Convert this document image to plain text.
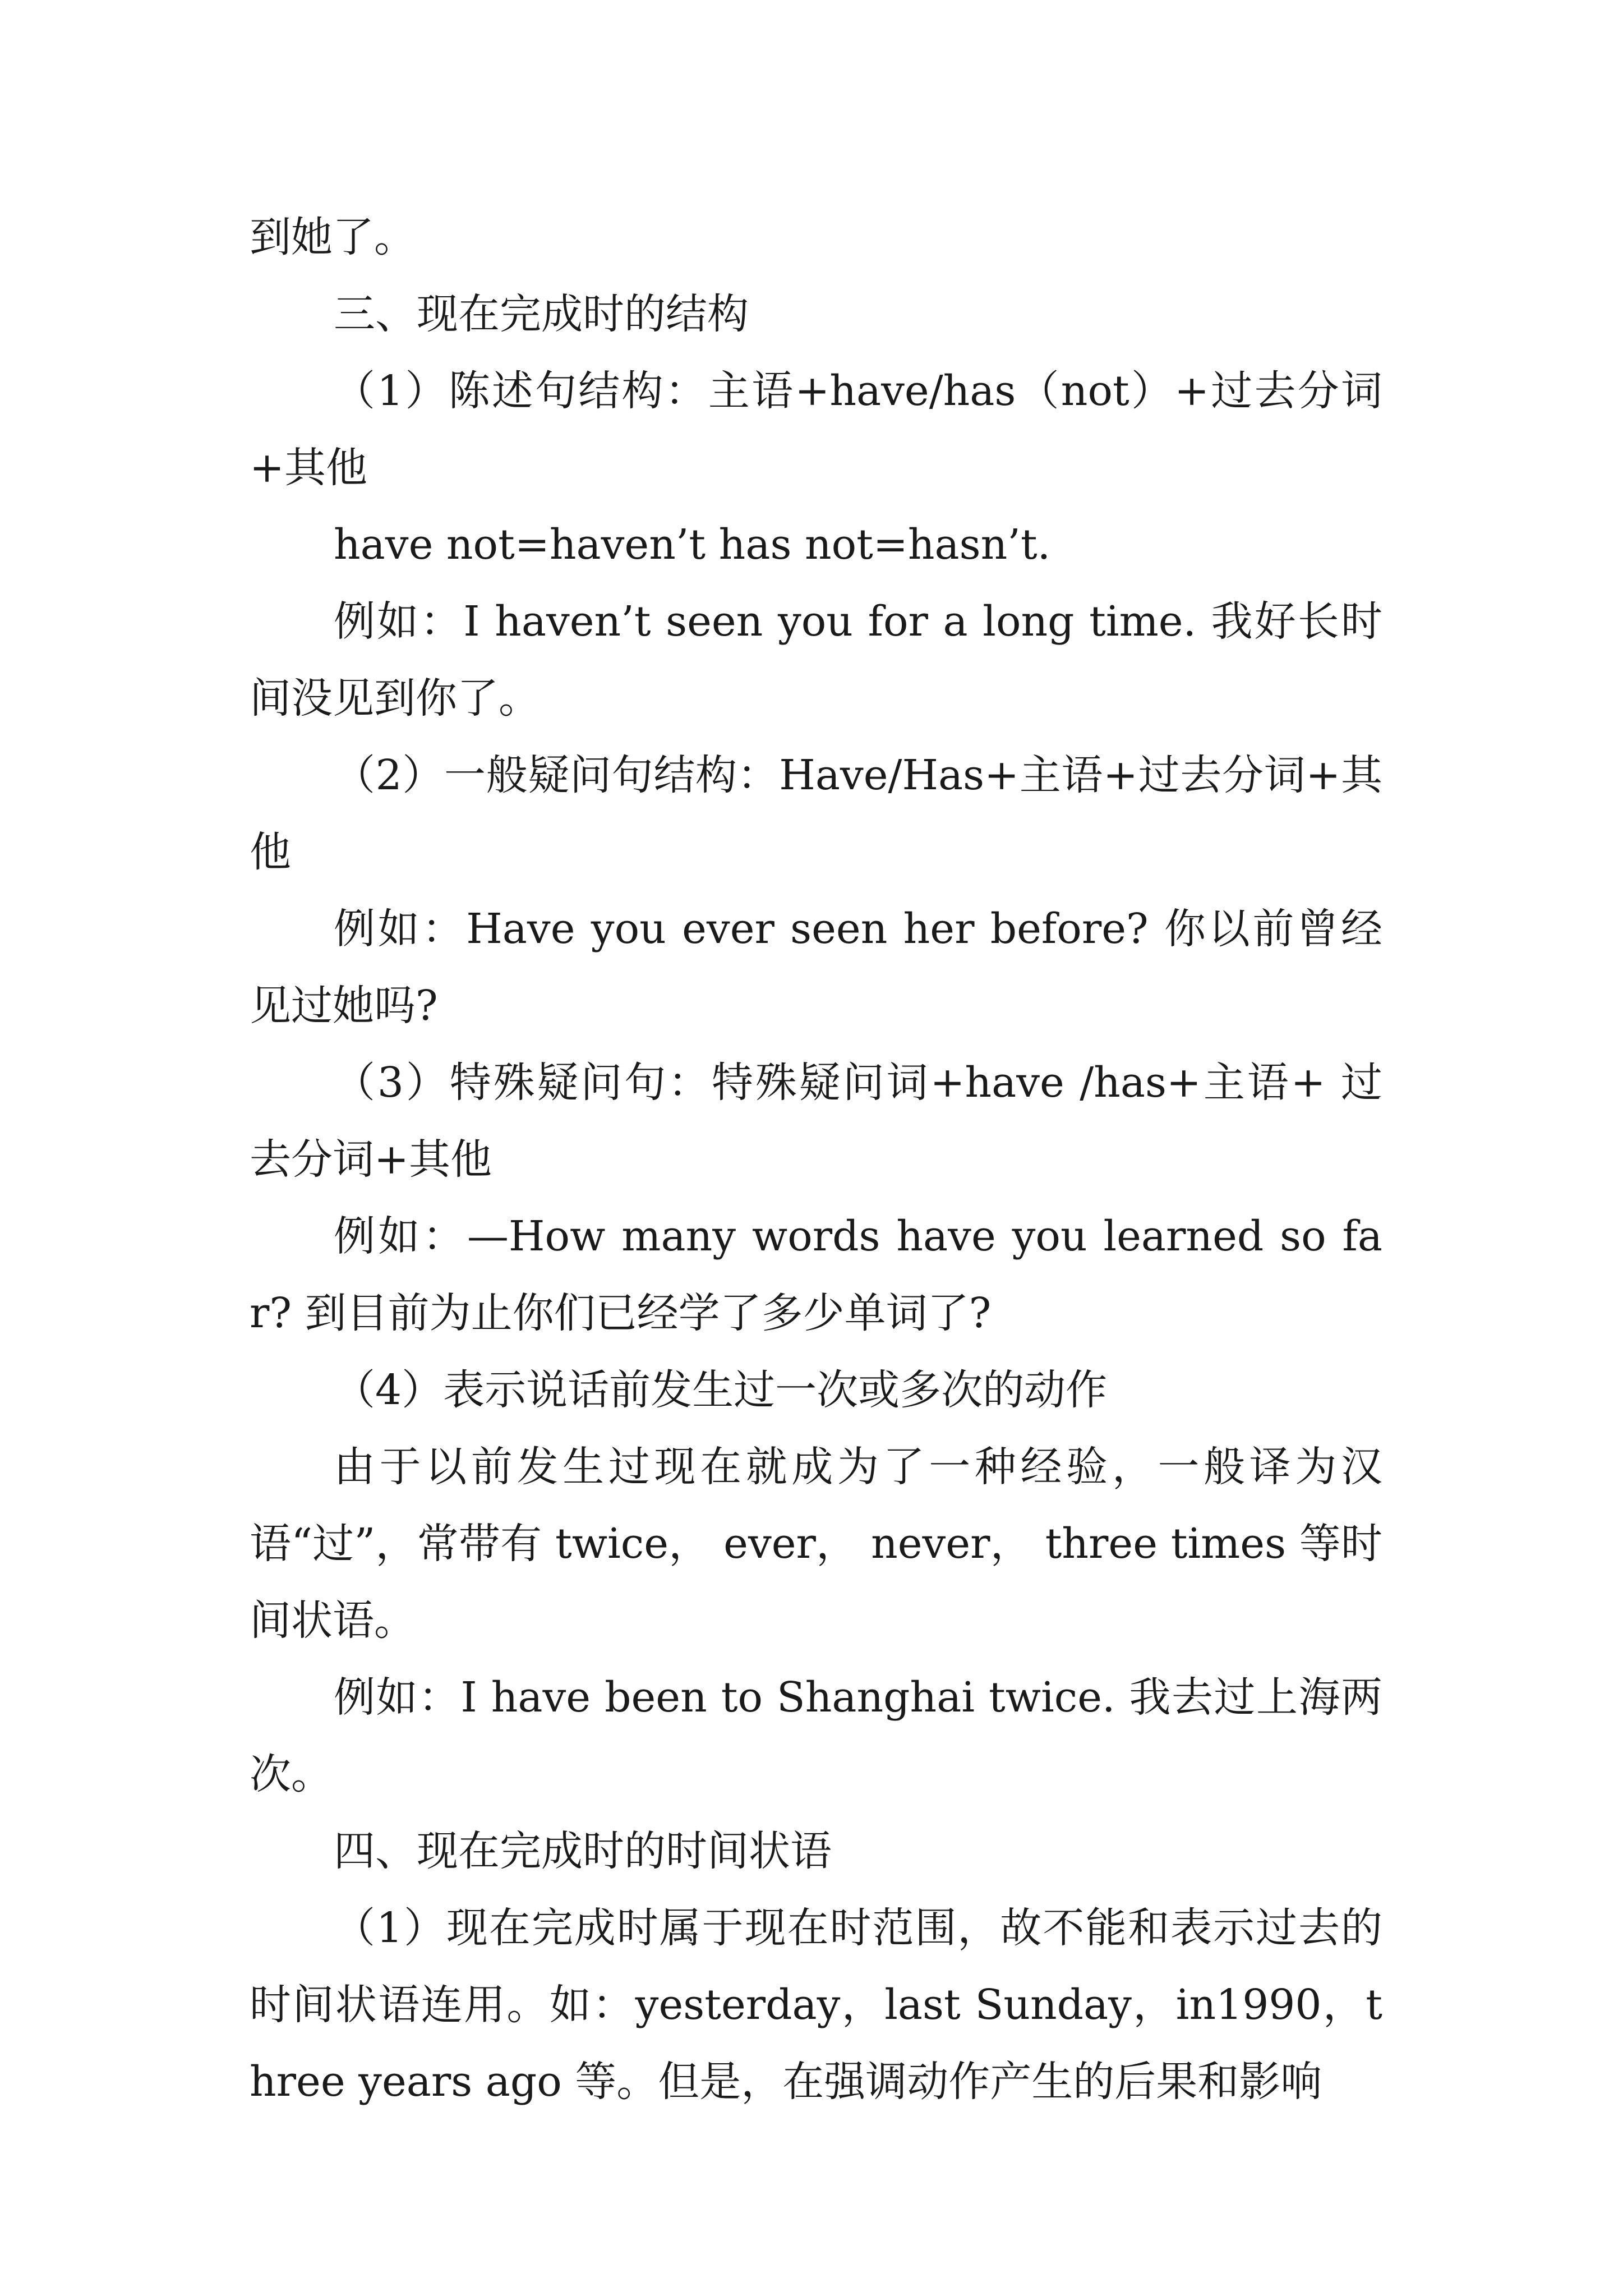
到她了。

三、现在完成时的结构

（1）陈述句结构：主语+have/has（not）+过去分词+其他

have not=haven’t has not=hasn’t.

例如：I haven’t seen you for a long time. 我好长时间没见到你了。

（2）一般疑问句结构：Have/Has+主语+过去分词+其他

例如：Have you ever seen her before? 你以前曾经见过她吗?

（3）特殊疑问句：特殊疑问词+have /has+主语+ 过去分词+其他

例如：—How many words have you learned so far? 到目前为止你们已经学了多少单词了?

（4）表示说话前发生过一次或多次的动作

由于以前发生过现在就成为了一种经验，一般译为汉语“过”，常带有 twice， ever， never， three times 等时间状语。

例如：I have been to Shanghai twice. 我去过上海两次。

四、现在完成时的时间状语

（1）现在完成时属于现在时范围，故不能和表示过去的时间状语连用。如：yesterday，last Sunday，in1990，three years ago 等。但是，在强调动作产生的后果和影响
